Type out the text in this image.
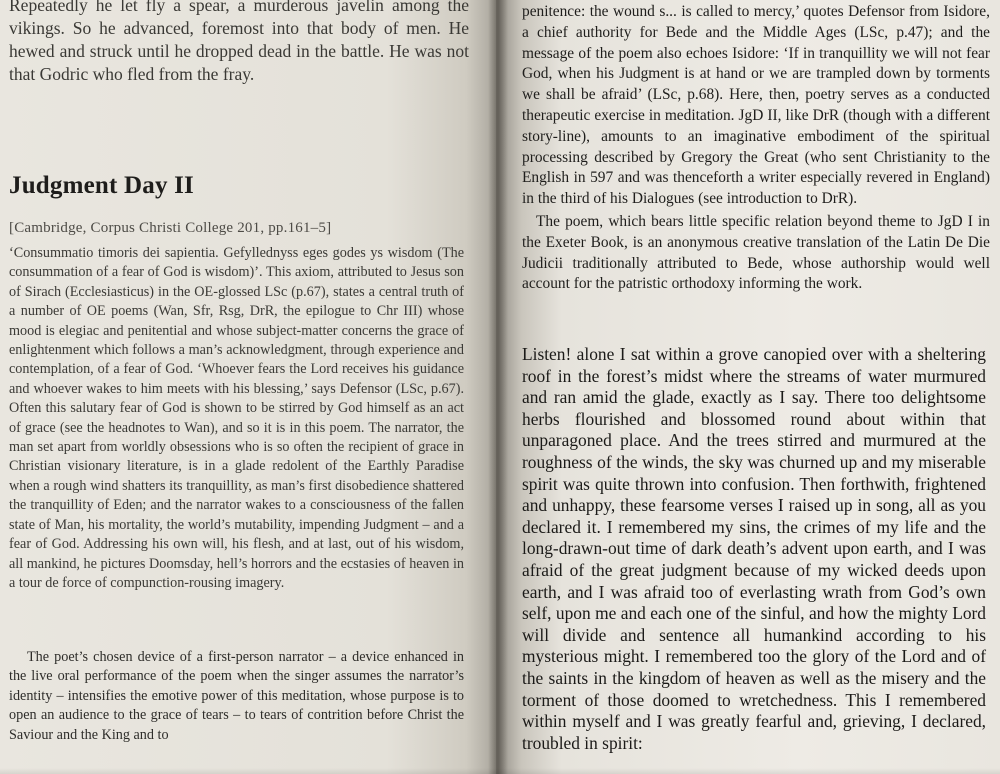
Repeatedly he let fly a spear, a murderous javelin among the vikings. So he advanced, foremost into that body of men. He hewed and struck until he dropped dead in the battle. He was not that Godric who fled from the fray.

Judgment Day II

[Cambridge, Corpus Christi College 201, pp.161–5]

‘Consummatio timoris dei sapientia. Gefyllednyss eges godes ys wisdom (The consummation of a fear of God is wisdom)’. This axiom, attributed to Jesus son of Sirach (Ecclesiasticus) in the OE-glossed LSc (p.67), states a central truth of a number of OE poems (Wan, Sfr, Rsg, DrR, the epilogue to Chr III) whose mood is elegiac and penitential and whose subject-matter concerns the grace of enlightenment which follows a man’s acknowledgment, through experience and contemplation, of a fear of God. ‘Whoever fears the Lord receives his guidance and whoever wakes to him meets with his blessing,’ says Defensor (LSc, p.67). Often this salutary fear of God is shown to be stirred by God himself as an act of grace (see the headnotes to Wan), and so it is in this poem. The narrator, the man set apart from worldly obsessions who is so often the recipient of grace in Christian visionary literature, is in a glade redolent of the Earthly Paradise when a rough wind shatters its tranquillity, as man’s first disobedience shattered the tranquillity of Eden; and the narrator wakes to a consciousness of the fallen state of Man, his mortality, the world’s mutability, impending Judgment – and a fear of God. Addressing his own will, his flesh, and at last, out of his wisdom, all mankind, he pictures Doomsday, hell’s horrors and the ecstasies of heaven in a tour de force of compunction-rousing imagery.

The poet’s chosen device of a first-person narrator – a device enhanced in the live oral performance of the poem when the singer assumes the narrator’s identity – intensifies the emotive power of this meditation, whose purpose is to open an audience to the grace of tears – to tears of contrition before Christ the Saviour and the King and to

penitence: the wound s... is called to mercy,’ quotes Defensor from Isidore, a chief authority for Bede and the Middle Ages (LSc, p.47); and the message of the poem also echoes Isidore: ‘If in tranquillity we will not fear God, when his Judgment is at hand or we are trampled down by torments we shall be afraid’ (LSc, p.68). Here, then, poetry serves as a conducted therapeutic exercise in meditation. JgD II, like DrR (though with a different story-line), amounts to an imaginative embodiment of the spiritual processing described by Gregory the Great (who sent Christianity to the English in 597 and was thenceforth a writer especially revered in England) in the third of his Dialogues (see introduction to DrR).

The poem, which bears little specific relation beyond theme to JgD I in the Exeter Book, is an anonymous creative translation of the Latin De Die Judicii traditionally attributed to Bede, whose authorship would well account for the patristic orthodoxy informing the work.

Listen! alone I sat within a grove canopied over with a sheltering roof in the forest’s midst where the streams of water murmured and ran amid the glade, exactly as I say. There too delightsome herbs flourished and blossomed round about within that unparagoned place. And the trees stirred and murmured at the roughness of the winds, the sky was churned up and my miserable spirit was quite thrown into confusion. Then forthwith, frightened and unhappy, these fearsome verses I raised up in song, all as you declared it. I remembered my sins, the crimes of my life and the long-drawn-out time of dark death’s advent upon earth, and I was afraid of the great judgment because of my wicked deeds upon earth, and I was afraid too of everlasting wrath from God’s own self, upon me and each one of the sinful, and how the mighty Lord will divide and sentence all humankind according to his mysterious might. I remembered too the glory of the Lord and of the saints in the kingdom of heaven as well as the misery and the torment of those doomed to wretchedness. This I remembered within myself and I was greatly fearful and, grieving, I declared, troubled in spirit:
